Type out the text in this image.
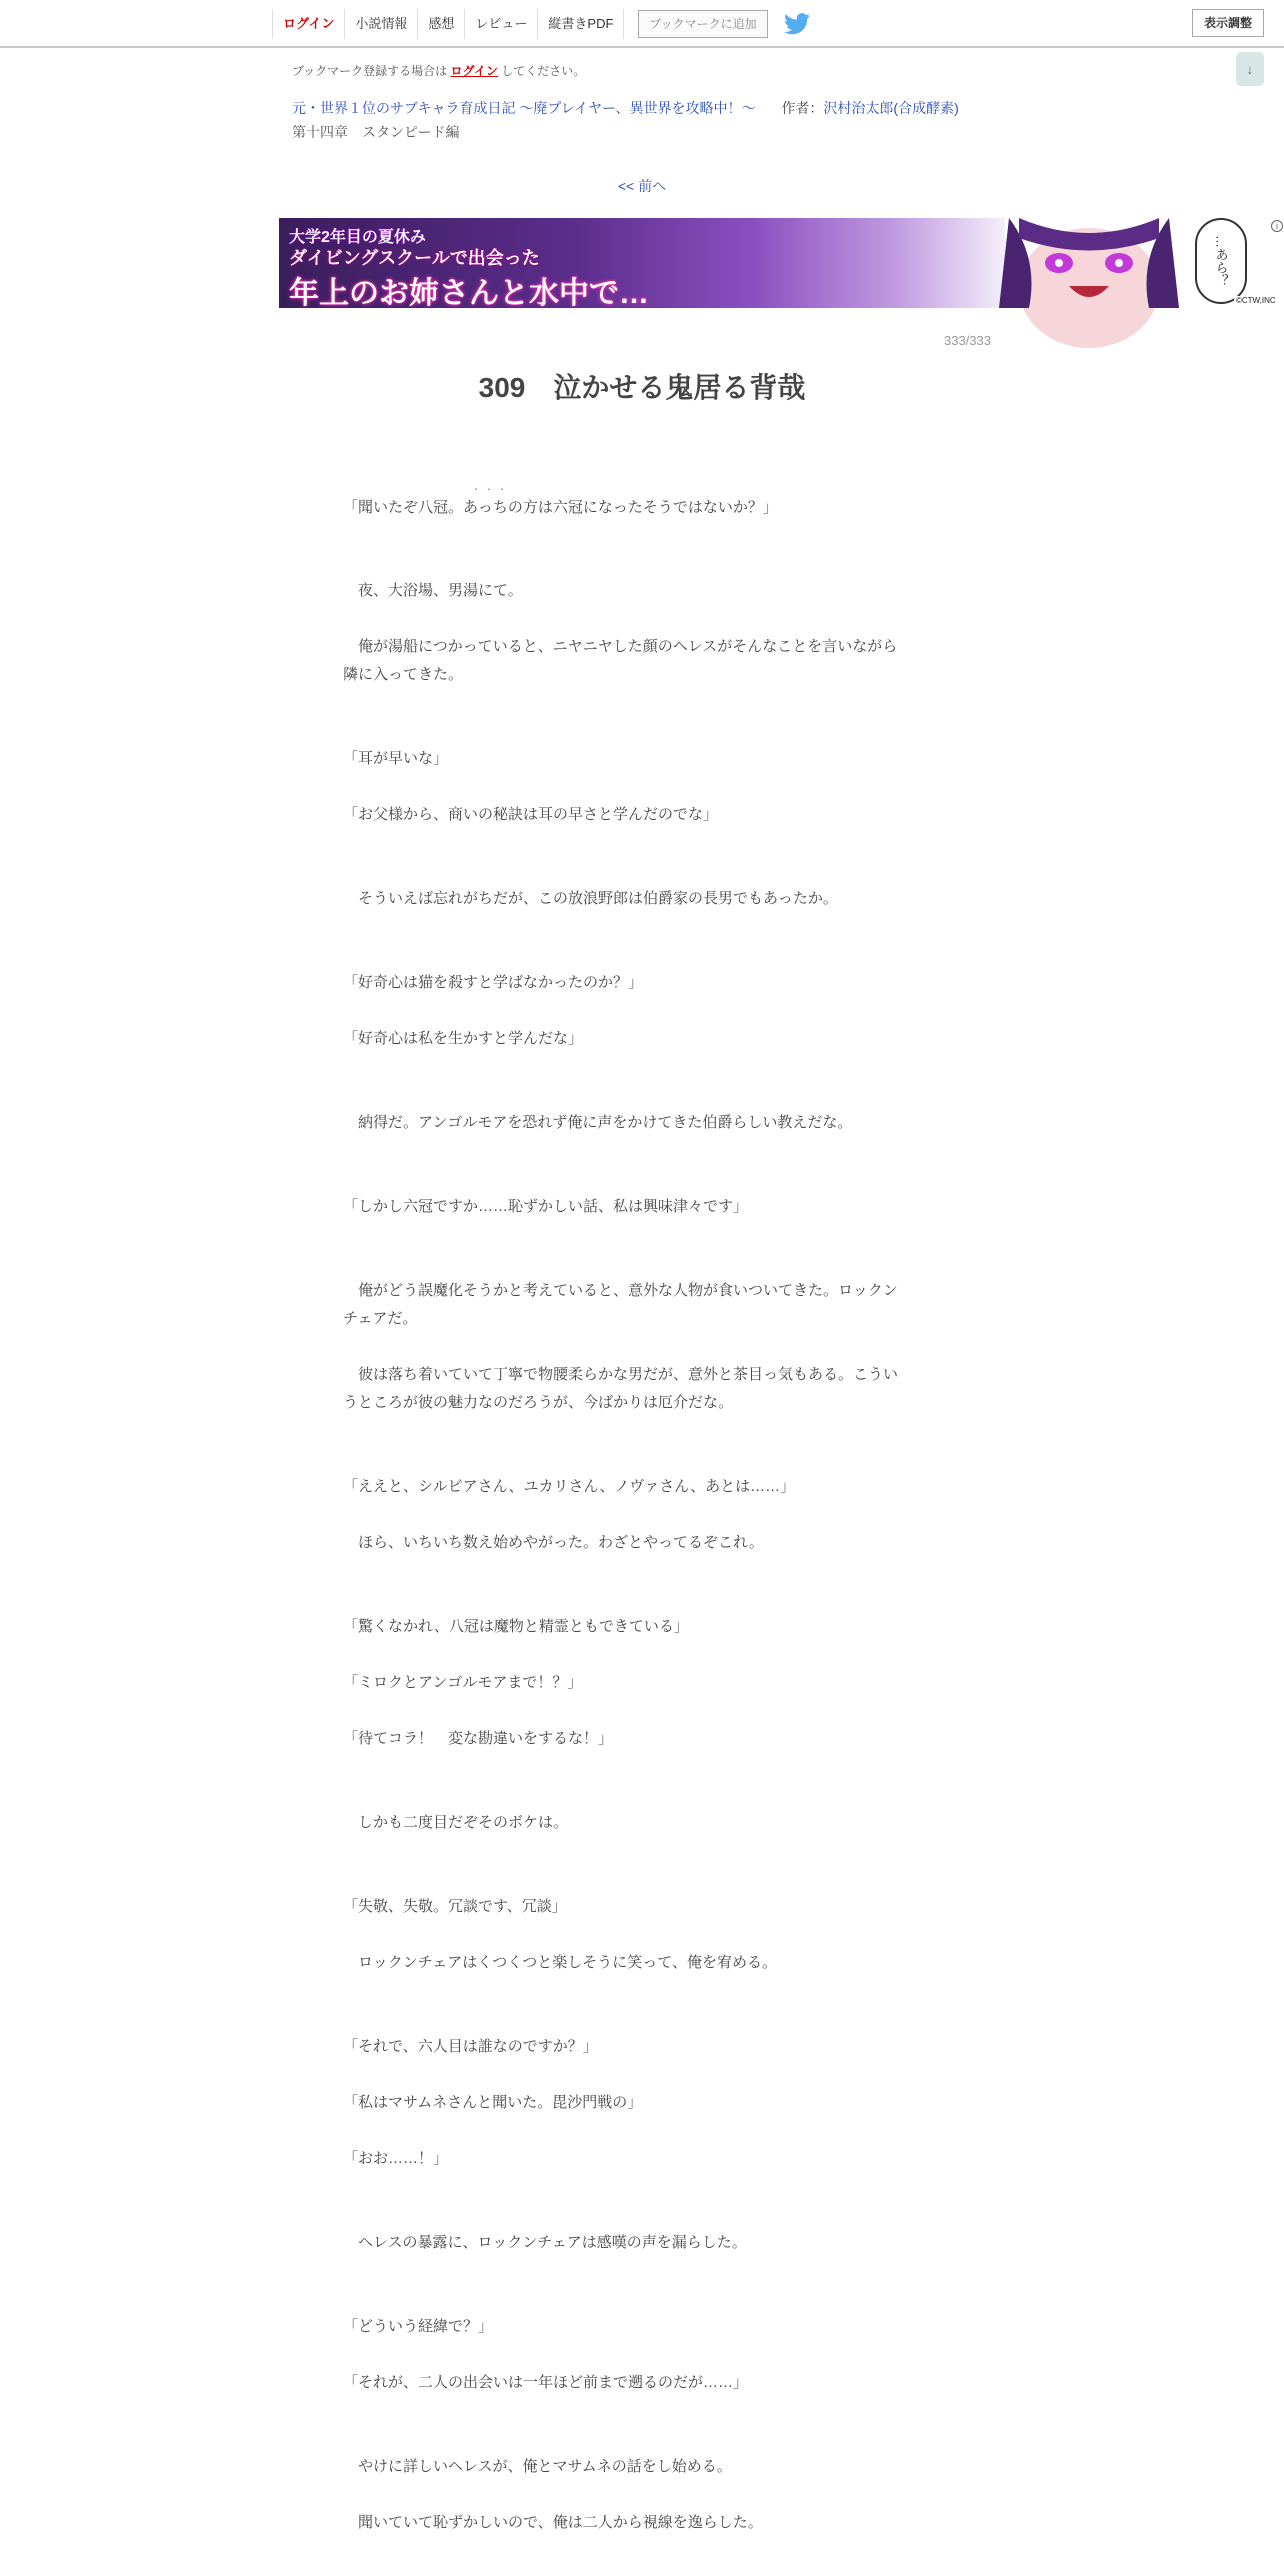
ログイン	小説情報	感想	レビュー	縦書きPDF	ブックマークに追加	表示調整
↓
ブックマーク登録する場合は ログイン してください。
元・世界１位のサブキャラ育成日記 ～廃プレイヤー、異世界を攻略中！～ 作者：沢村治太郎(合成酵素)
第十四章　スタンピード編
<< 前へ
大学2年目の夏休み
ダイビングスクールで出会った
年上のお姉さんと水中で…
…あら？
©CTW,INC
i
333/333
309　泣かせる鬼居る背哉
・・・

「聞いたぞ八冠。あっちの方は六冠になったそうではないか？」

　夜、大浴場、男湯にて。

　俺が湯船につかっていると、ニヤニヤした顔のヘレスがそんなことを言いながら

隣に入ってきた。

「耳が早いな」

「お父様から、商いの秘訣は耳の早さと学んだのでな」

　そういえば忘れがちだが、この放浪野郎は伯爵家の長男でもあったか。

「好奇心は猫を殺すと学ばなかったのか？」

「好奇心は私を生かすと学んだな」

　納得だ。アンゴルモアを恐れず俺に声をかけてきた伯爵らしい教えだな。

「しかし六冠ですか……恥ずかしい話、私は興味津々です」

　俺がどう誤魔化そうかと考えていると、意外な人物が食いついてきた。ロックン

チェアだ。

　彼は落ち着いていて丁寧で物腰柔らかな男だが、意外と茶目っ気もある。こうい

うところが彼の魅力なのだろうが、今ばかりは厄介だな。

「ええと、シルビアさん、ユカリさん、ノヴァさん、あとは……」

　ほら、いちいち数え始めやがった。わざとやってるぞこれ。

「驚くなかれ、八冠は魔物と精霊ともできている」

「ミロクとアンゴルモアまで！？」

「待てコラ！　変な勘違いをするな！」

　しかも二度目だぞそのボケは。

「失敬、失敬。冗談です、冗談」

　ロックンチェアはくつくつと楽しそうに笑って、俺を宥める。

「それで、六人目は誰なのですか？」

「私はマサムネさんと聞いた。毘沙門戦の」

「おお……！」

　ヘレスの暴露に、ロックンチェアは感嘆の声を漏らした。

「どういう経緯で？」

「それが、二人の出会いは一年ほど前まで遡るのだが……」

　やけに詳しいヘレスが、俺とマサムネの話をし始める。

　聞いていて恥ずかしいので、俺は二人から視線を逸らした。
